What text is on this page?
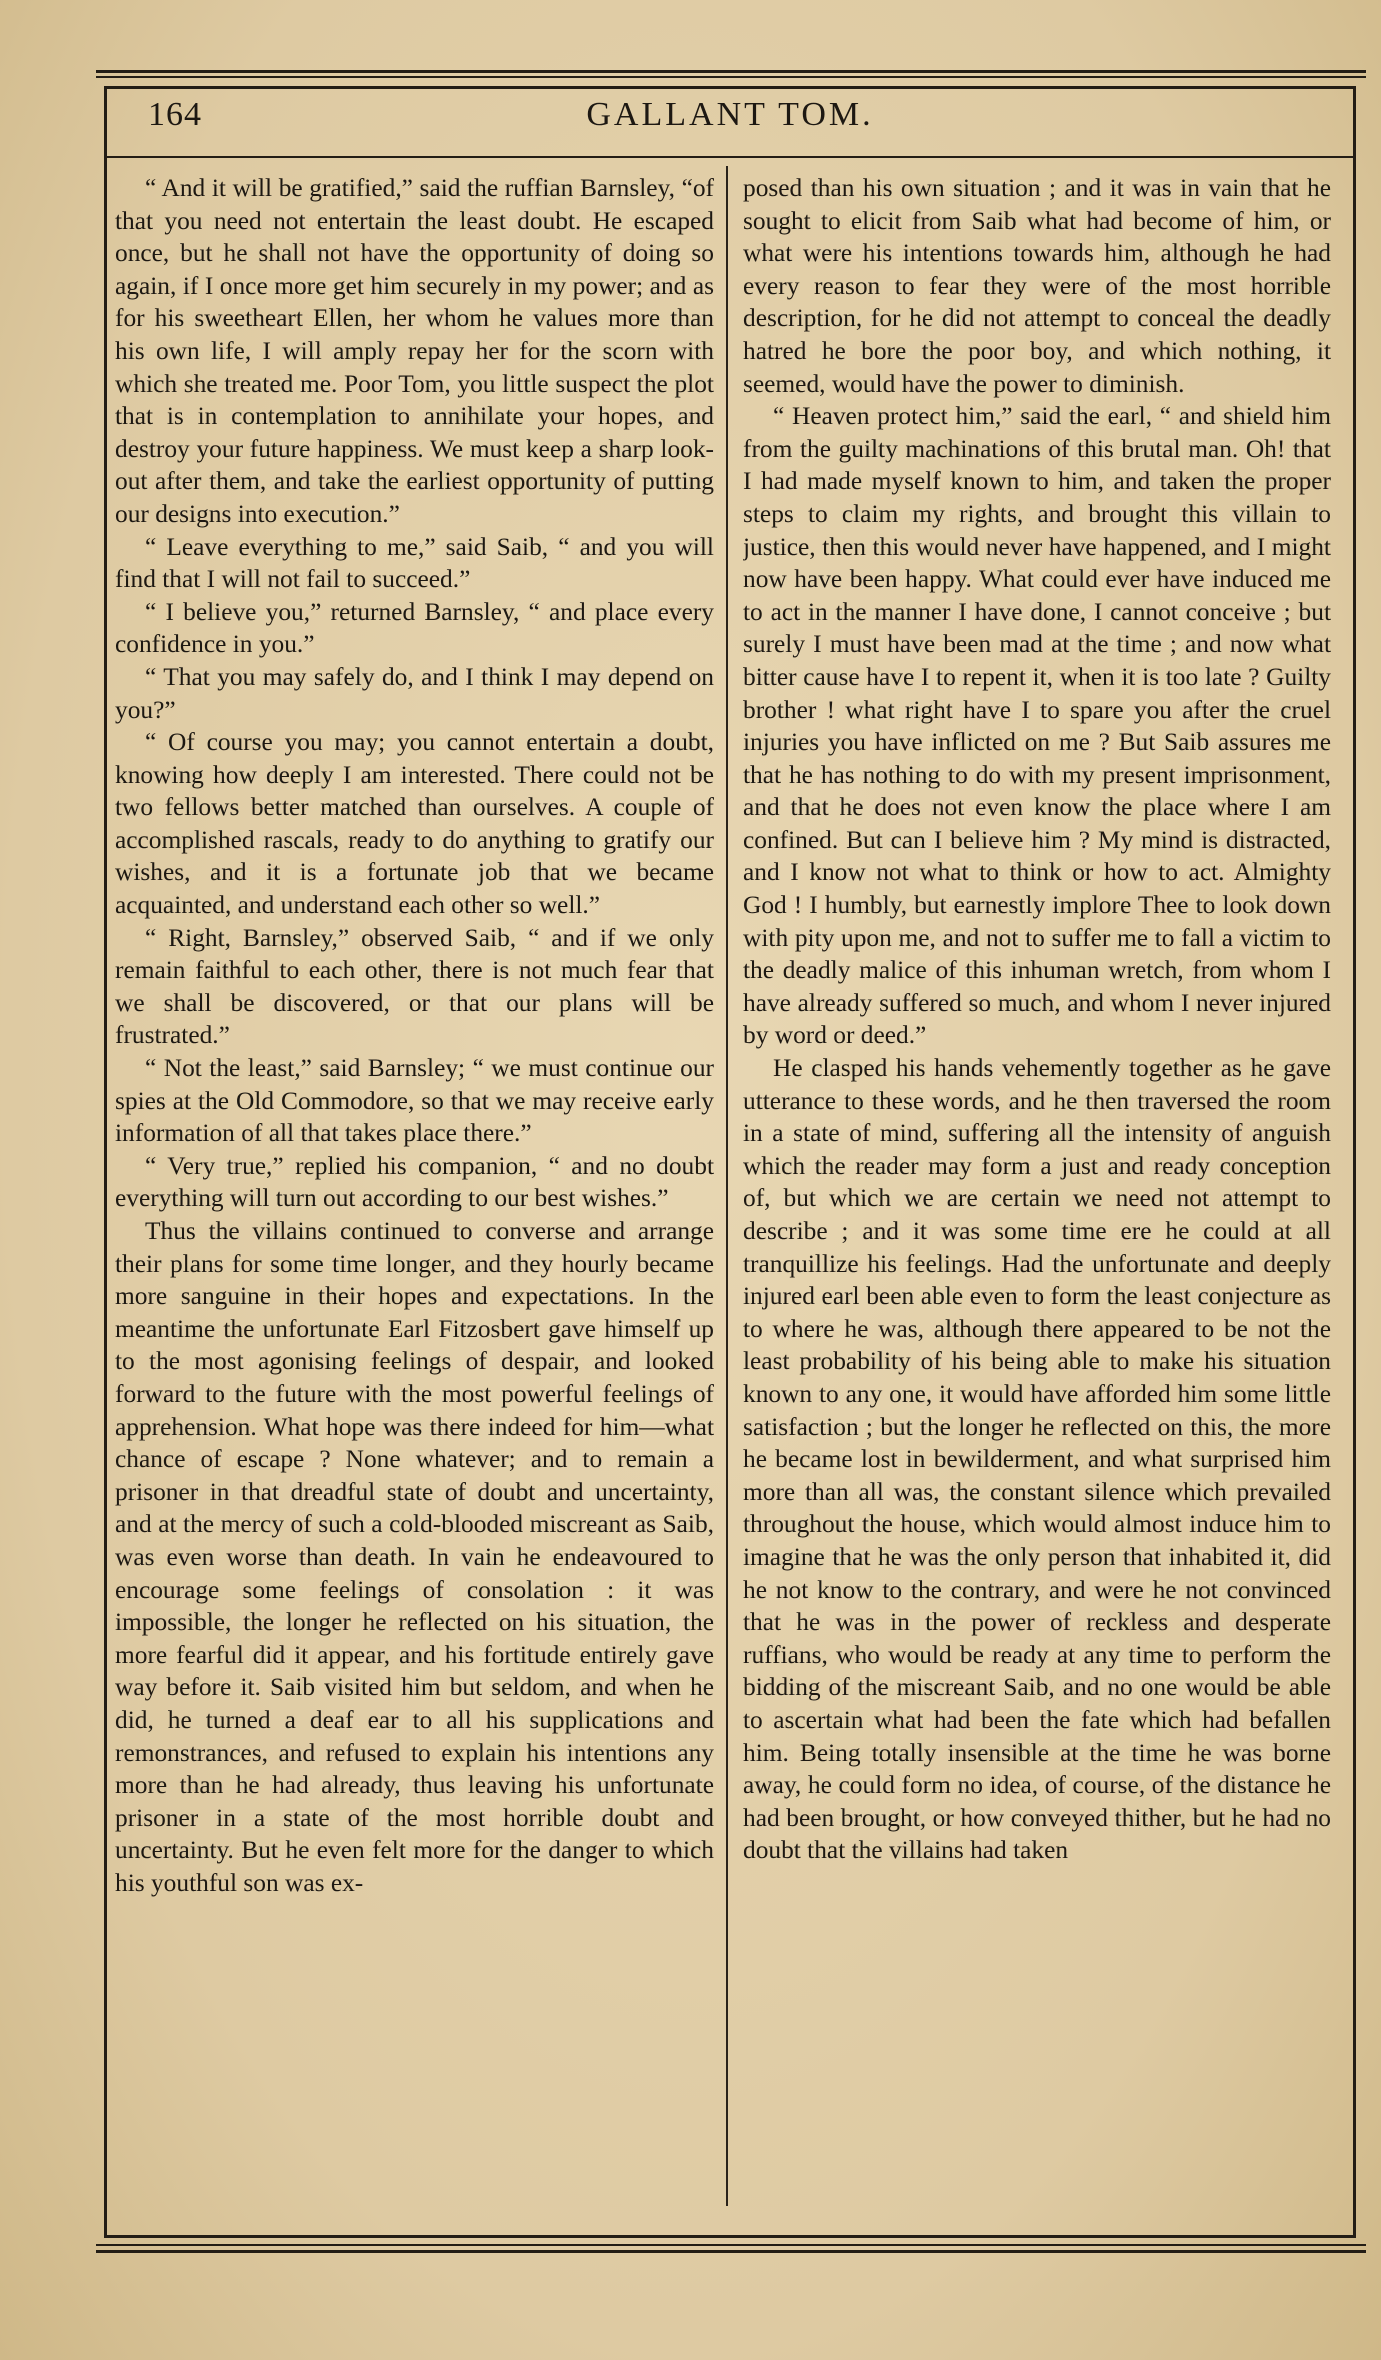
164	GALLANT TOM.

“ And it will be gratified,” said the ruffian Barnsley, “of that you need not entertain the least doubt. He escaped once, but he shall not have the opportunity of doing so again, if I once more get him securely in my power; and as for his sweetheart Ellen, her whom he values more than his own life, I will amply repay her for the scorn with which she treated me. Poor Tom, you little suspect the plot that is in contemplation to annihilate your hopes, and destroy your future happiness. We must keep a sharp look-out after them, and take the earliest opportunity of putting our designs into execution.”

“ Leave everything to me,” said Saib, “ and you will find that I will not fail to succeed.”

“ I believe you,” returned Barnsley, “ and place every confidence in you.”

“ That you may safely do, and I think I may depend on you?”

“ Of course you may; you cannot entertain a doubt, knowing how deeply I am interested. There could not be two fellows better matched than ourselves. A couple of accomplished rascals, ready to do anything to gratify our wishes, and it is a fortunate job that we became acquainted, and understand each other so well.”

“ Right, Barnsley,” observed Saib, “ and if we only remain faithful to each other, there is not much fear that we shall be discovered, or that our plans will be frustrated.”

“ Not the least,” said Barnsley; “ we must continue our spies at the Old Commodore, so that we may receive early information of all that takes place there.”

“ Very true,” replied his companion, “ and no doubt everything will turn out according to our best wishes.”

Thus the villains continued to converse and arrange their plans for some time longer, and they hourly became more sanguine in their hopes and expectations. In the meantime the unfortunate Earl Fitzosbert gave himself up to the most agonising feelings of despair, and looked forward to the future with the most powerful feelings of apprehension. What hope was there indeed for him—what chance of escape ? None whatever; and to remain a prisoner in that dreadful state of doubt and uncertainty, and at the mercy of such a cold-blooded miscreant as Saib, was even worse than death. In vain he endeavoured to encourage some feelings of consolation : it was impossible, the longer he reflected on his situation, the more fearful did it appear, and his fortitude entirely gave way before it. Saib visited him but seldom, and when he did, he turned a deaf ear to all his supplications and remonstrances, and refused to explain his intentions any more than he had already, thus leaving his unfortunate prisoner in a state of the most horrible doubt and uncertainty. But he even felt more for the danger to which his youthful son was ex-

posed than his own situation ; and it was in vain that he sought to elicit from Saib what had become of him, or what were his intentions towards him, although he had every reason to fear they were of the most horrible description, for he did not attempt to conceal the deadly hatred he bore the poor boy, and which nothing, it seemed, would have the power to diminish.

“ Heaven protect him,” said the earl, “ and shield him from the guilty machinations of this brutal man. Oh! that I had made myself known to him, and taken the proper steps to claim my rights, and brought this villain to justice, then this would never have happened, and I might now have been happy. What could ever have induced me to act in the manner I have done, I cannot conceive ; but surely I must have been mad at the time ; and now what bitter cause have I to repent it, when it is too late ? Guilty brother ! what right have I to spare you after the cruel injuries you have inflicted on me ? But Saib assures me that he has nothing to do with my present imprisonment, and that he does not even know the place where I am confined. But can I believe him ? My mind is distracted, and I know not what to think or how to act. Almighty God ! I humbly, but earnestly implore Thee to look down with pity upon me, and not to suffer me to fall a victim to the deadly malice of this inhuman wretch, from whom I have already suffered so much, and whom I never injured by word or deed.”

He clasped his hands vehemently together as he gave utterance to these words, and he then traversed the room in a state of mind, suffering all the intensity of anguish which the reader may form a just and ready conception of, but which we are certain we need not attempt to describe ; and it was some time ere he could at all tranquillize his feelings. Had the unfortunate and deeply injured earl been able even to form the least conjecture as to where he was, although there appeared to be not the least probability of his being able to make his situation known to any one, it would have afforded him some little satisfaction ; but the longer he reflected on this, the more he became lost in bewilderment, and what surprised him more than all was, the constant silence which prevailed throughout the house, which would almost induce him to imagine that he was the only person that inhabited it, did he not know to the contrary, and were he not convinced that he was in the power of reckless and desperate ruffians, who would be ready at any time to perform the bidding of the miscreant Saib, and no one would be able to ascertain what had been the fate which had befallen him. Being totally insensible at the time he was borne away, he could form no idea, of course, of the distance he had been brought, or how conveyed thither, but he had no doubt that the villains had taken
